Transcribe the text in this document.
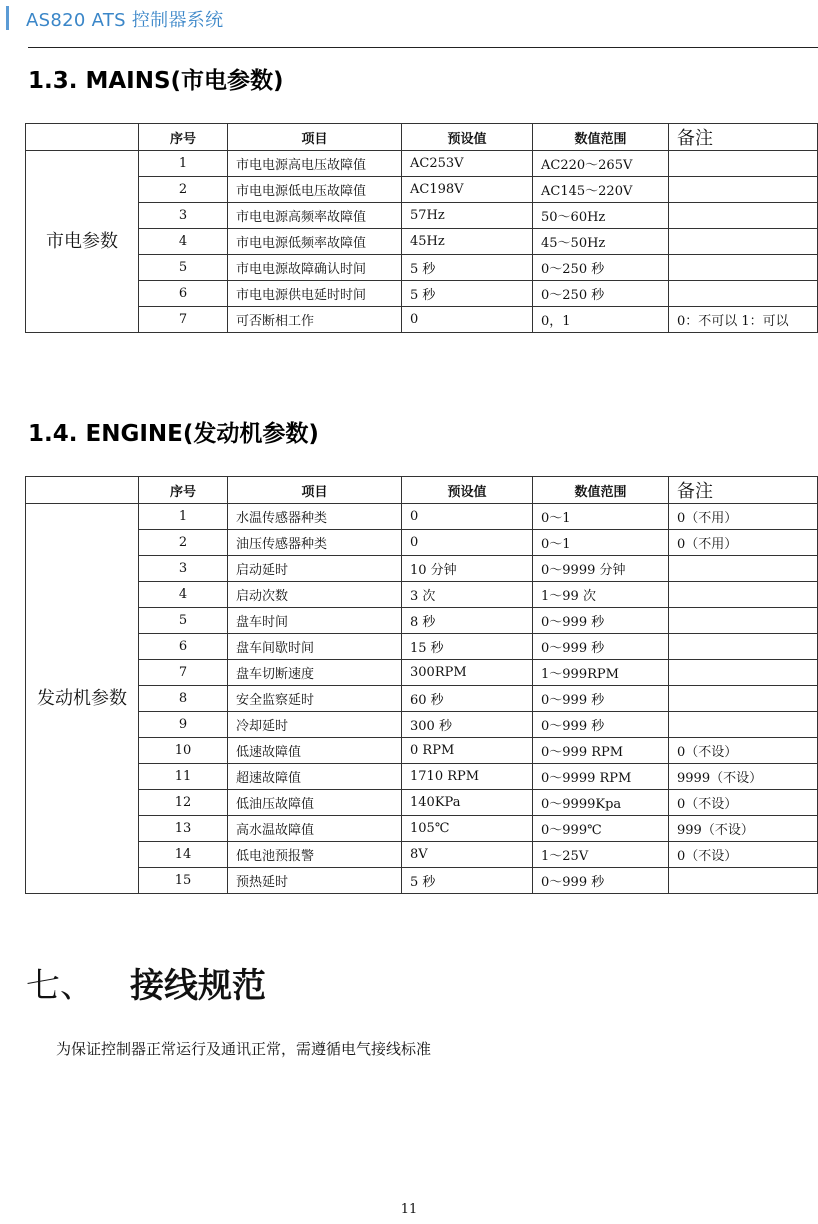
AS820 ATS 控制器系统
1.3. MAINS(市电参数)
	序号	项目	预设值	数值范围	备注
市电参数	1	市电电源高电压故障值	AC253V	AC220～265V	
	2	市电电源低电压故障值	AC198V	AC145～220V	
	3	市电电源高频率故障值	57Hz	50～60Hz	
	4	市电电源低频率故障值	45Hz	45～50Hz	
	5	市电电源故障确认时间	5 秒	0～250 秒	
	6	市电电源供电延时时间	5 秒	0～250 秒	
	7	可否断相工作	0	0，1	0：不可以 1：可以
1.4. ENGINE(发动机参数)
	序号	项目	预设值	数值范围	备注
发动机参数	1	水温传感器种类	0	0～1	0（不用）
	2	油压传感器种类	0	0～1	0（不用）
	3	启动延时	10 分钟	0～9999 分钟	
	4	启动次数	3 次	1～99 次	
	5	盘车时间	8 秒	0～999 秒	
	6	盘车间歇时间	15 秒	0～999 秒	
	7	盘车切断速度	300RPM	1～999RPM	
	8	安全监察延时	60 秒	0～999 秒	
	9	冷却延时	300 秒	0～999 秒	
	10	低速故障值	0 RPM	0～999 RPM	0（不设）
	11	超速故障值	1710 RPM	0～9999 RPM	9999（不设）
	12	低油压故障值	140KPa	0～9999Kpa	0（不设）
	13	高水温故障值	105℃	0～999℃	999（不设）
	14	低电池预报警	8V	1～25V	0（不设）
	15	预热延时	5 秒	0～999 秒	
七、 接线规范
为保证控制器正常运行及通讯正常，需遵循电气接线标准
11
